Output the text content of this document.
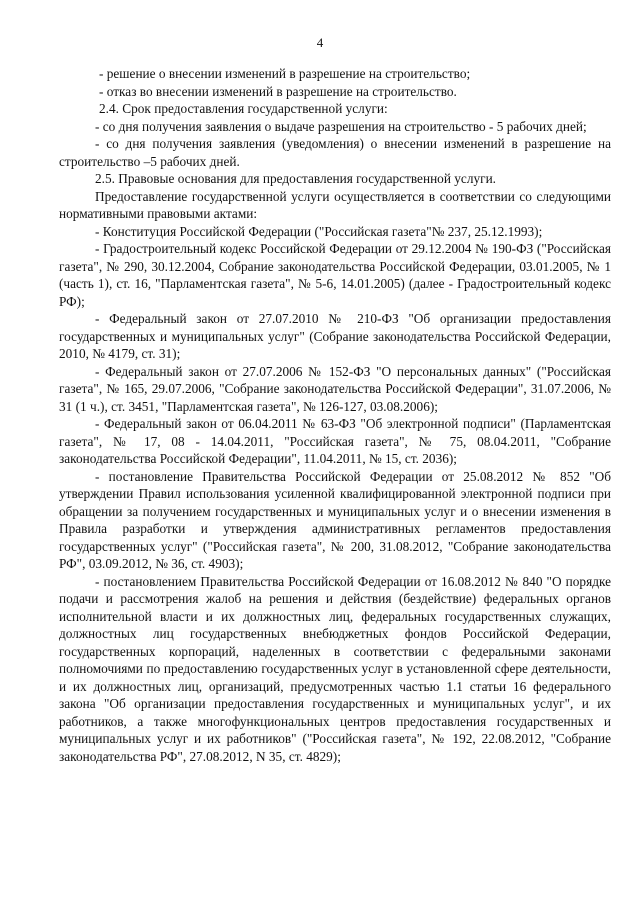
4

- решение о внесении изменений в разрешение на строительство;

- отказ во внесении изменений в разрешение на строительство.

2.4. Срок предоставления государственной услуги:

- со дня получения заявления о выдаче разрешения на строительство - 5 рабочих дней;

- со дня получения заявления (уведомления) о внесении изменений в разрешение на строительство –5 рабочих дней.

2.5. Правовые основания для предоставления государственной услуги.

Предоставление государственной услуги осуществляется в соответствии со следующими нормативными правовыми актами:

- Конституция Российской Федерации ("Российская газета"№ 237, 25.12.1993);

- Градостроительный кодекс Российской Федерации от 29.12.2004 № 190-ФЗ ("Российская газета", № 290, 30.12.2004, Собрание законодательства Российской Федерации, 03.01.2005, № 1 (часть 1), ст. 16, "Парламентская газета", № 5-6, 14.01.2005) (далее - Градостроительный кодекс РФ);

- Федеральный закон от 27.07.2010 № 210-ФЗ "Об организации предоставления государственных и муниципальных услуг" (Собрание законодательства Российской Федерации, 2010, № 4179, ст. 31);

- Федеральный закон от 27.07.2006 № 152-ФЗ "О персональных данных" ("Российская газета", № 165, 29.07.2006, "Собрание законодательства Российской Федерации", 31.07.2006, № 31 (1 ч.), ст. 3451, "Парламентская газета", № 126-127, 03.08.2006);

- Федеральный закон от 06.04.2011 № 63-ФЗ "Об электронной подписи" (Парламентская газета", № 17, 08 - 14.04.2011, "Российская газета", № 75, 08.04.2011, "Собрание законодательства Российской Федерации", 11.04.2011, № 15, ст. 2036);

- постановление Правительства Российской Федерации от 25.08.2012 № 852 "Об утверждении Правил использования усиленной квалифицированной электронной подписи при обращении за получением государственных и муниципальных услуг и о внесении изменения в Правила разработки и утверждения административных регламентов предоставления государственных услуг" ("Российская газета", № 200, 31.08.2012, "Собрание законодательства РФ", 03.09.2012, № 36, ст. 4903);

- постановлением Правительства Российской Федерации от 16.08.2012 № 840 "О порядке подачи и рассмотрения жалоб на решения и действия (бездействие) федеральных органов исполнительной власти и их должностных лиц, федеральных государственных служащих, должностных лиц государственных внебюджетных фондов Российской Федерации, государственных корпораций, наделенных в соответствии с федеральными законами полномочиями по предоставлению государственных услуг в установленной сфере деятельности, и их должностных лиц, организаций, предусмотренных частью 1.1 статьи 16 федерального закона "Об организации предоставления государственных и муниципальных услуг", и их работников, а также многофункциональных центров предоставления государственных и муниципальных услуг и их работников" ("Российская газета", № 192, 22.08.2012, "Собрание законодательства РФ", 27.08.2012, N 35, ст. 4829);
